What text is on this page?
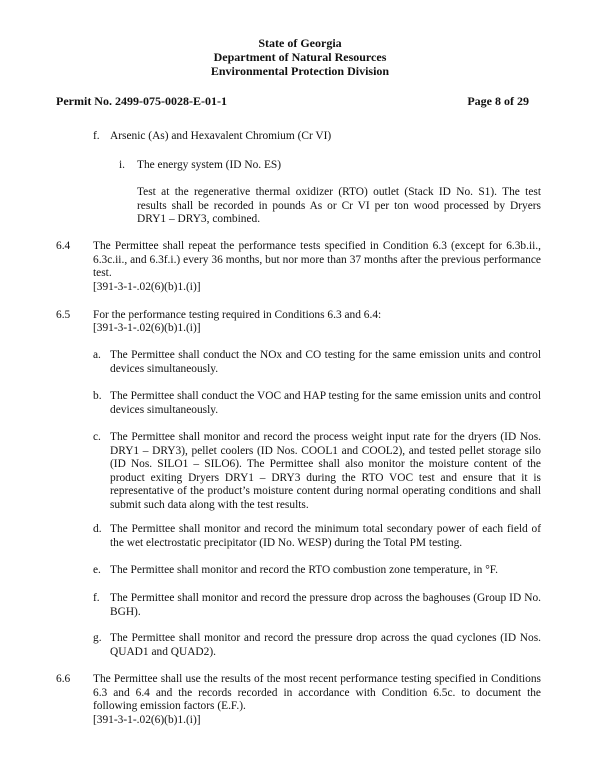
State of Georgia
Department of Natural Resources
Environmental Protection Division
Permit No. 2499-075-0028-E-01-1	Page 8 of 29
f. Arsenic (As) and Hexavalent Chromium (Cr VI)
i. The energy system (ID No. ES)
Test at the regenerative thermal oxidizer (RTO) outlet (Stack ID No. S1). The test results shall be recorded in pounds As or Cr VI per ton wood processed by Dryers DRY1 – DRY3, combined.
6.4 The Permittee shall repeat the performance tests specified in Condition 6.3 (except for 6.3b.ii., 6.3c.ii., and 6.3f.i.) every 36 months, but nor more than 37 months after the previous performance test.
[391-3-1-.02(6)(b)1.(i)]
6.5 For the performance testing required in Conditions 6.3 and 6.4:
[391-3-1-.02(6)(b)1.(i)]
a. The Permittee shall conduct the NOx and CO testing for the same emission units and control devices simultaneously.
b. The Permittee shall conduct the VOC and HAP testing for the same emission units and control devices simultaneously.
c. The Permittee shall monitor and record the process weight input rate for the dryers (ID Nos. DRY1 – DRY3), pellet coolers (ID Nos. COOL1 and COOL2), and tested pellet storage silo (ID Nos. SILO1 – SILO6). The Permittee shall also monitor the moisture content of the product exiting Dryers DRY1 – DRY3 during the RTO VOC test and ensure that it is representative of the product’s moisture content during normal operating conditions and shall submit such data along with the test results.
d. The Permittee shall monitor and record the minimum total secondary power of each field of the wet electrostatic precipitator (ID No. WESP) during the Total PM testing.
e. The Permittee shall monitor and record the RTO combustion zone temperature, in °F.
f. The Permittee shall monitor and record the pressure drop across the baghouses (Group ID No. BGH).
g. The Permittee shall monitor and record the pressure drop across the quad cyclones (ID Nos. QUAD1 and QUAD2).
6.6 The Permittee shall use the results of the most recent performance testing specified in Conditions 6.3 and 6.4 and the records recorded in accordance with Condition 6.5c. to document the following emission factors (E.F.).
[391-3-1-.02(6)(b)1.(i)]
